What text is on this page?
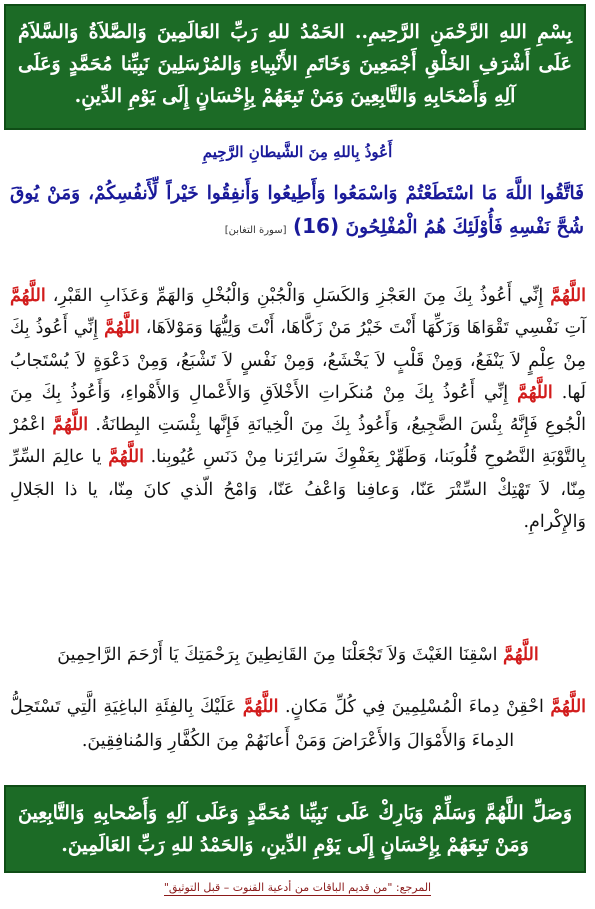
بِسْمِ اللهِ الرَّحْمَنِ الرَّحِيمِ.. الحَمْدُ للهِ رَبِّ العَالَمِينَ وَالصَّلاَةُ وَالسَّلاَمُ عَلَى أَشْرَفِ الخَلْقِ أَجْمَعِينَ وَخَاتَمِ الأَنْبِياءِ وَالمُرْسَلِينَ نَبِيِّنا مُحَمَّدٍ وَعَلَى آلِهِ وَأَصْحَابِهِ وَالتَّابِعِينَ وَمَنْ تَبِعَهُمْ بِإِحْسَانٍ إِلَى يَوْمِ الدِّينِ.
أَعُوذُ بِاللهِ مِنَ الشَّيطانِ الرَّجِيمِ
فَاتَّقُوا اللَّهَ مَا اسْتَطَعْتُمْ وَاسْمَعُوا وَأَطِيعُوا وَأَنفِقُوا خَيْراً لِّأَنفُسِكُمْ، وَمَنْ يُوقَ شُحَّ نَفْسِهِ فَأُوْلَئِكَ هُمُ الْمُفْلِحُونَ (16) [سورة التغابن]
اللَّهُمَّ إِنِّي أَعُوذُ بِكَ مِنَ العَجْزِ وَالكَسَلِ وَالْجُبْنِ وَالْبُخْلِ وَالهَمِّ وَعَذَابِ القَبْرِ، اللَّهُمَّ آتِ نَفْسِي تَقْوَاهَا وَزَكِّهَا أَنْتَ خَيْرُ مَنْ زَكَّاهَا، أَنْتَ وَلِيُّهَا وَمَوْلاَهَا، اللَّهُمَّ إِنِّي أَعُوذُ بِكَ مِنْ عِلْمٍ لاَ يَنْفَعُ، وَمِنْ قَلْبٍ لاَ يَخْشَعُ، وَمِنْ نَفْسٍ لاَ تَشْبَعُ، وَمِنْ دَعْوَةٍ لاَ يُسْتَجابُ لَها. اللَّهُمَّ إِنِّي أَعُوذُ بِكَ مِنْ مُنكَراتِ الأَخْلاَقِ وَالأَعْمالِ وَالأَهْواءِ، وَأَعُوذُ بِكَ مِنَ الْجُوعِ فَإِنَّهُ بِئْسَ الضَّجِيعُ، وَأَعُوذُ بِكَ مِنَ الْخِيانَةِ فَإِنَّها بِئْسَتِ البِطانَةُ. اللَّهُمَّ اعْمُرْ بِالتَّوْبَةِ النَّصُوحِ قُلُوبَنا، وَطَهِّرْ بِعَفْوِكَ سَرائِرَنا مِنْ دَنَسِ عُيُوبِنا. اللَّهُمَّ يا عالِمَ السِّرِّ مِنّا، لاَ تَهْتِكْ السِّتْرَ عَنّا، وَعافِنا وَاعْفُ عَنّا، وَامْحُ الّذي كانَ مِنّا، يا ذا الجَلالِ وَالإِكْرامِ.
اللَّهُمَّ اسْقِنَا الغَيْثَ وَلاَ تَجْعَلْنَا مِنَ القَانِطِينَ بِرَحْمَتِكَ يَا أَرْحَمَ الرَّاحِمِينَ
اللَّهُمَّ احْقِنْ دِماءَ الْمُسْلِمِينَ فِي كُلِّ مَكانٍ. اللَّهُمَّ عَلَيْكَ بِالفِئَةِ الباغِيَةِ الَّتِي تَسْتَحِلُّ الدِماءَ وَالأَمْوَالَ وَالأَعْرَاضَ وَمَنْ أَعانَهُمْ مِنَ الكُفَّارِ وَالمُنافِقِينَ.
وَصَلِّ اللَّهُمَّ وَسَلِّمْ وَبَارِكْ عَلَى نَبِيِّنا مُحَمَّدٍ وَعَلَى آلِهِ وَأَصْحابِهِ وَالتَّابِعِينَ وَمَنْ تَبِعَهُمْ بِإِحْسَانٍ إِلَى يَوْمِ الدِّينِ، وَالحَمْدُ للهِ رَبِّ العَالَمِينَ.
المرجع: "من قديم الباقات من أدعية القنوت – قبل التوثيق"
